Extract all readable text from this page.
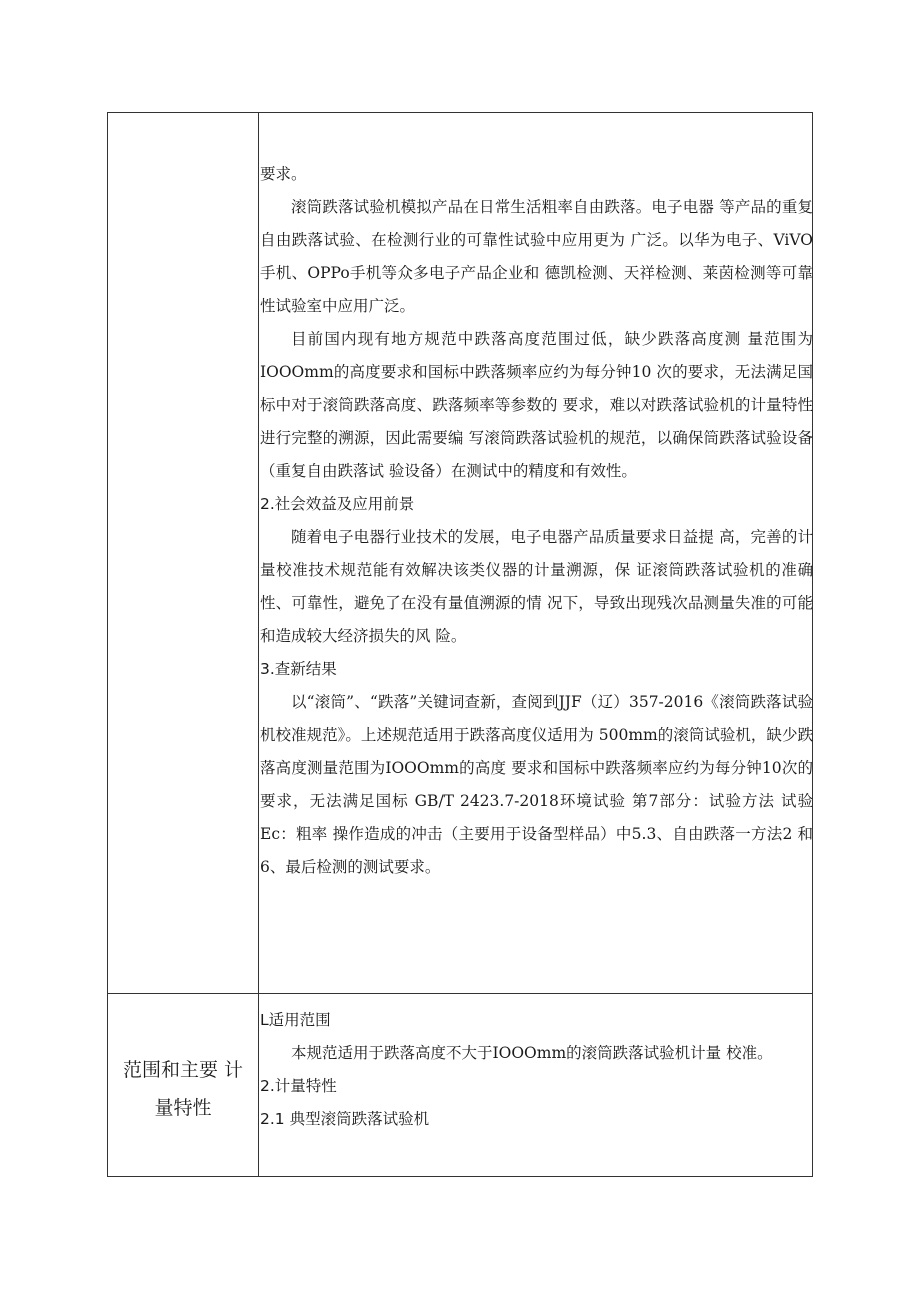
要求。

滚筒跌落试验机模拟产品在日常生活粗率自由跌落。电子电器 等产品的重复自由跌落试验、在检测行业的可靠性试验中应用更为 广泛。以华为电子、ViVO手机、OPPo手机等众多电子产品企业和 德凯检测、天祥检测、莱茵检测等可靠性试验室中应用广泛。

目前国内现有地方规范中跌落高度范围过低，缺少跌落高度测 量范围为IOOOmm的高度要求和国标中跌落频率应约为每分钟10 次的要求，无法满足国标中对于滚筒跌落高度、跌落频率等参数的 要求，难以对跌落试验机的计量特性进行完整的溯源，因此需要编 写滚筒跌落试验机的规范，以确保筒跌落试验设备（重复自由跌落试 验设备）在测试中的精度和有效性。

2.社会效益及应用前景

随着电子电器行业技术的发展，电子电器产品质量要求日益提 高，完善的计量校准技术规范能有效解决该类仪器的计量溯源，保 证滚筒跌落试验机的准确性、可靠性，避免了在没有量值溯源的情 况下，导致出现残次品测量失准的可能和造成较大经济损失的风 险。

3.查新结果

以“滚筒”、“跌落”关键词查新，查阅到JJF（辽）357-2016《滚筒跌落试验机校准规范》。上述规范适用于跌落高度仪适用为 500mm的滚筒试验机，缺少跌落高度测量范围为IOOOmm的高度 要求和国标中跌落频率应约为每分钟10次的要求，无法满足国标 GB/T 2423.7-2018环境试验 第7部分：试验方法 试验Ec：粗率 操作造成的冲击（主要用于设备型样品）中5.3、自由跌落一方法2 和6、最后检测的测试要求。

范围和主要 计量特性

L适用范围

本规范适用于跌落高度不大于IOOOmm的滚筒跌落试验机计量 校准。

2.计量特性

2.1 典型滚筒跌落试验机
